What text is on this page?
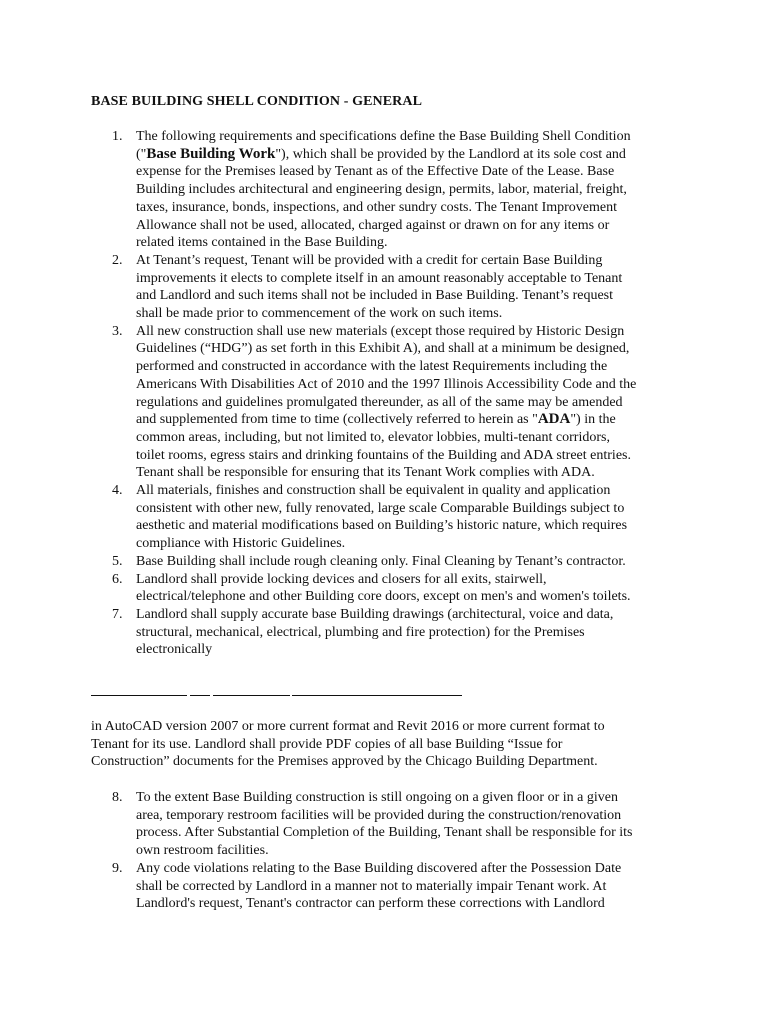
BASE BUILDING SHELL CONDITION - GENERAL
1. The following requirements and specifications define the Base Building Shell Condition
("Base Building Work"), which shall be provided by the Landlord at its sole cost and
expense for the Premises leased by Tenant as of the Effective Date of the Lease. Base
Building includes architectural and engineering design, permits, labor, material, freight,
taxes, insurance, bonds, inspections, and other sundry costs. The Tenant Improvement
Allowance shall not be used, allocated, charged against or drawn on for any items or
related items contained in the Base Building.
2. At Tenant’s request, Tenant will be provided with a credit for certain Base Building
improvements it elects to complete itself in an amount reasonably acceptable to Tenant
and Landlord and such items shall not be included in Base Building. Tenant’s request
shall be made prior to commencement of the work on such items.
3. All new construction shall use new materials (except those required by Historic Design
Guidelines (“HDG”) as set forth in this Exhibit A), and shall at a minimum be designed,
performed and constructed in accordance with the latest Requirements including the
Americans With Disabilities Act of 2010 and the 1997 Illinois Accessibility Code and the
regulations and guidelines promulgated thereunder, as all of the same may be amended
and supplemented from time to time (collectively referred to herein as "ADA") in the
common areas, including, but not limited to, elevator lobbies, multi-tenant corridors,
toilet rooms, egress stairs and drinking fountains of the Building and ADA street entries.
Tenant shall be responsible for ensuring that its Tenant Work complies with ADA.
4. All materials, finishes and construction shall be equivalent in quality and application
consistent with other new, fully renovated, large scale Comparable Buildings subject to
aesthetic and material modifications based on Building’s historic nature, which requires
compliance with Historic Guidelines.
5. Base Building shall include rough cleaning only. Final Cleaning by Tenant’s contractor.
6. Landlord shall provide locking devices and closers for all exits, stairwell,
electrical/telephone and other Building core doors, except on men's and women's toilets.
7. Landlord shall supply accurate base Building drawings (architectural, voice and data,
structural, mechanical, electrical, plumbing and fire protection) for the Premises
electronically

in AutoCAD version 2007 or more current format and Revit 2016 or more current format to
Tenant for its use. Landlord shall provide PDF copies of all base Building “Issue for
Construction” documents for the Premises approved by the Chicago Building Department.

8. To the extent Base Building construction is still ongoing on a given floor or in a given
area, temporary restroom facilities will be provided during the construction/renovation
process. After Substantial Completion of the Building, Tenant shall be responsible for its
own restroom facilities.
9. Any code violations relating to the Base Building discovered after the Possession Date
shall be corrected by Landlord in a manner not to materially impair Tenant work. At
Landlord's request, Tenant's contractor can perform these corrections with Landlord
